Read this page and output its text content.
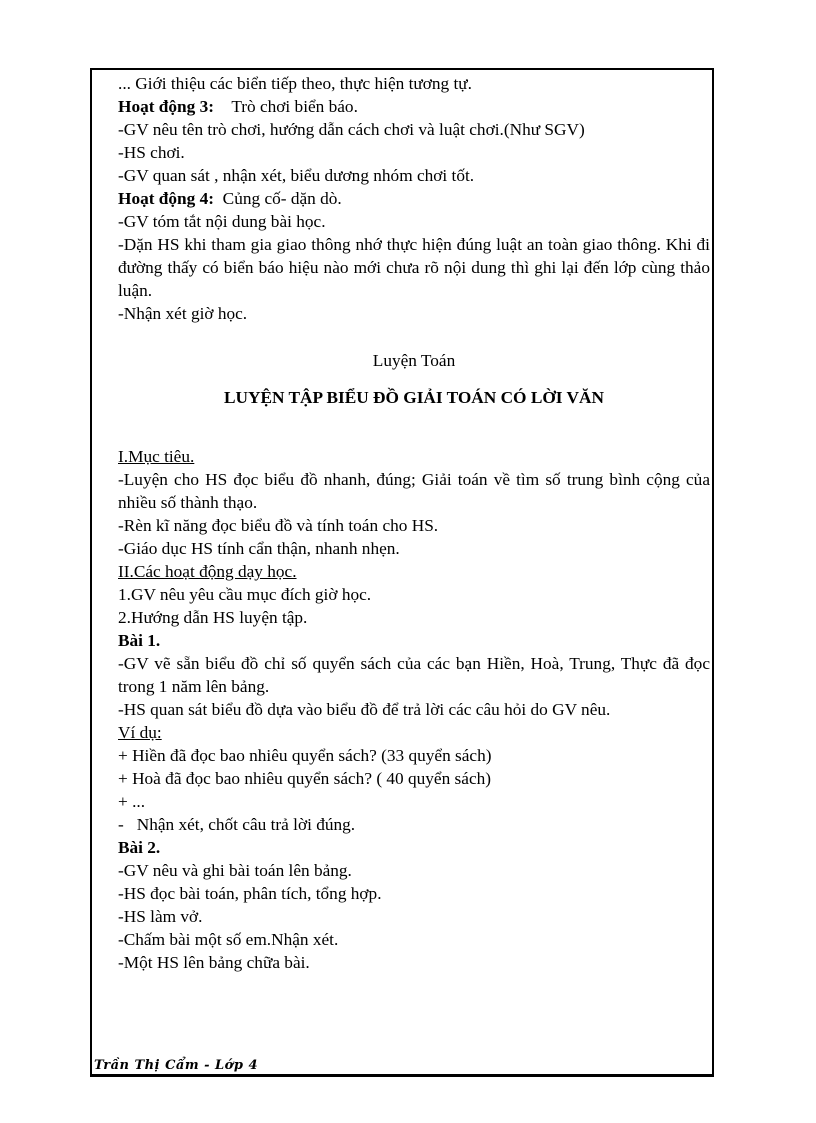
... Giới thiệu các biển tiếp theo, thực hiện tương tự.

Hoạt động 3: Trò chơi biển báo.

-GV nêu tên trò chơi, hướng dẫn cách chơi và luật chơi.(Như SGV)

-HS chơi.

-GV quan sát , nhận xét, biểu dương nhóm chơi tốt.

Hoạt động 4: Củng cố- dặn dò.

-GV tóm tắt nội dung bài học.

-Dặn HS khi tham gia giao thông nhớ thực hiện đúng luật an toàn giao thông. Khi đi đường thấy có biển báo hiệu nào mới chưa rõ nội dung thì ghi lại đến lớp cùng thảo luận.

-Nhận xét giờ học.

Luyện Toán

LUYỆN TẬP BIỂU ĐỒ GIẢI TOÁN CÓ LỜI VĂN

I.Mục tiêu.

-Luyện cho HS đọc biểu đồ nhanh, đúng; Giải toán về tìm số trung bình cộng của nhiều số thành thạo.

-Rèn kĩ năng đọc biểu đồ và tính toán cho HS.

-Giáo dục HS tính cẩn thận, nhanh nhẹn.

II.Các hoạt động dạy học.

1.GV nêu yêu cầu mục đích giờ học.

2.Hướng dẫn HS luyện tập.

Bài 1.

-GV vẽ sẵn biểu đồ chỉ số quyển sách của các bạn Hiền, Hoà, Trung, Thực đã đọc trong 1 năm lên bảng.

-HS quan sát biểu đồ dựa vào biểu đồ để trả lời các câu hỏi do GV nêu.

Ví dụ:

+ Hiền đã đọc bao nhiêu quyển sách? (33 quyển sách)

+ Hoà đã đọc bao nhiêu quyển sách? ( 40 quyển sách)

+ ...

-   Nhận xét, chốt câu trả lời đúng.

Bài 2.

-GV nêu và ghi bài toán lên bảng.

-HS đọc bài toán, phân tích, tổng hợp.

-HS làm vở.

-Chấm bài một số em.Nhận xét.

-Một HS lên bảng chữa bài.

Trần Thị Cẩm - Lớp 4
